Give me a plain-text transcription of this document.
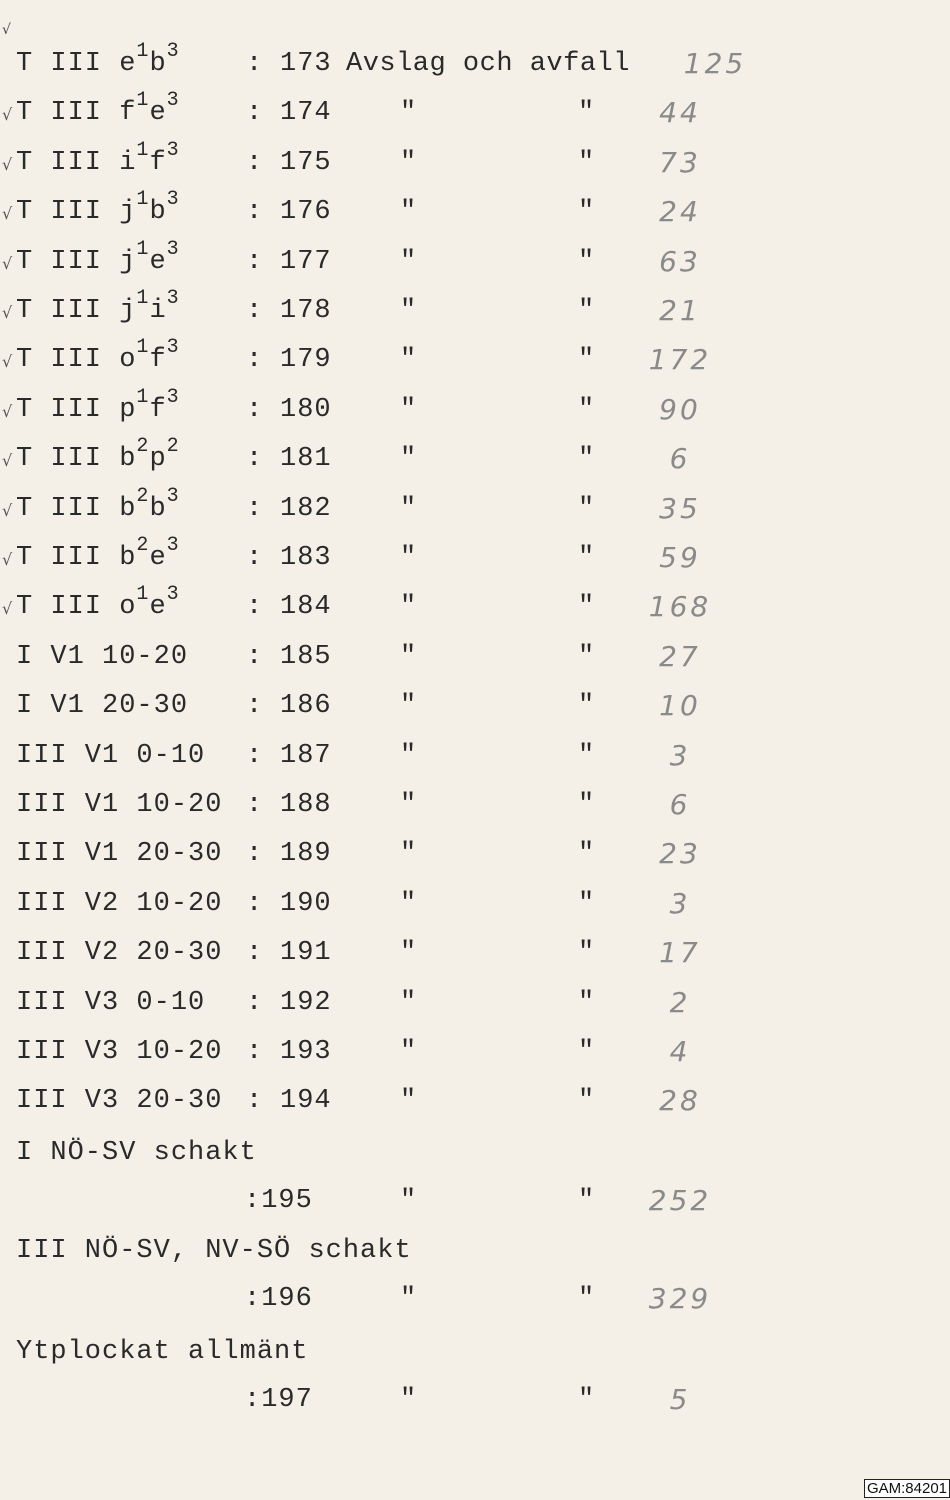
√
T III $e^1b^3$ : 173 Avslag och avfall	125
√ T III $f^1e^3$ : 174	"	"	44
√ T III $i^1f^3$ : 175	"	"	73
√ T III $j^1b^3$ : 176	"	"	24
√ T III $j^1e^3$ : 177	"	"	63
√ T III $j^1i^3$ : 178	"	"	21
√ T III $o^1f^3$ : 179	"	"	172
√ T III $p^1f^3$ : 180	"	"	90
√ T III $b^2p^2$ : 181	"	"	6
√ T III $b^2b^3$ : 182	"	"	35
√ T III $b^2e^3$ : 183	"	"	59
√ T III $o^1e^3$ : 184	"	"	168
I V1 10-20 : 185	"	"	27
I V1 20-30 : 186	"	"	10
III V1 0-10 : 187	"	"	3
III V1 10-20 : 188	"	"	6
III V1 20-30 : 189	"	"	23
III V2 10-20 : 190	"	"	3
III V2 20-30 : 191	"	"	17
III V3 0-10 : 192	"	"	2
III V3 10-20 : 193	"	"	4
III V3 20-30 : 194	"	"	28
I NÖ-SV schakt
:195	"	"	252
III NÖ-SV, NV-SÖ schakt
:196	"	"	329
Ytplockat allmänt
:197	"	"	5
GAM:84201
